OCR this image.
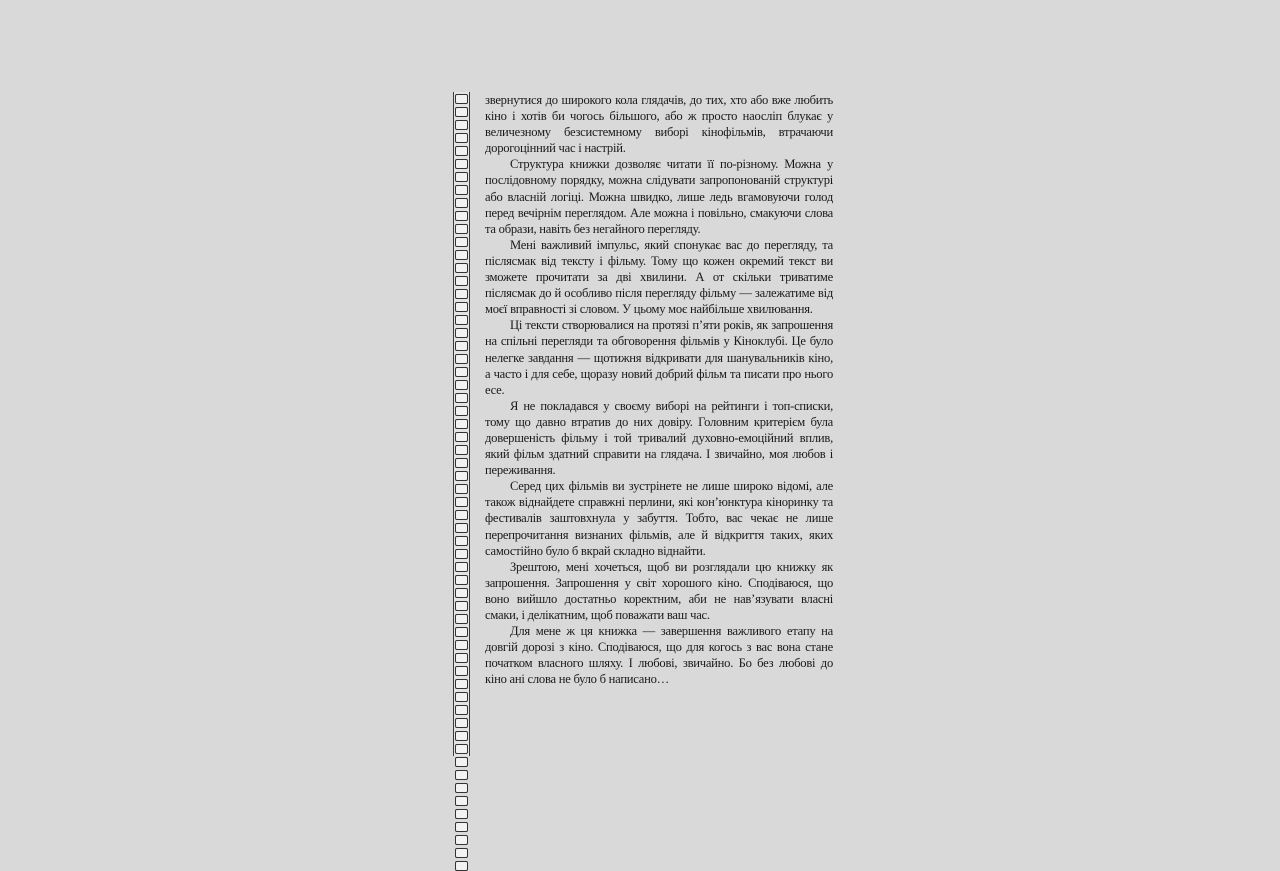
звернутися до широкого кола глядачів, до тих, хто або вже любить кіно і хотів би чогось більшого, або ж просто наосліп блукає у величезному безсистемному виборі кінофільмів, втрачаючи дорогоцінний час і настрій.

Структура книжки дозволяє читати її по-різному. Можна у послідовному порядку, можна слідувати запропонованій структурі або власній логіці. Можна швидко, лише ледь вгамовуючи голод перед вечірнім переглядом. Але можна і повільно, смакуючи слова та образи, навіть без негайного перегляду.

Мені важливий імпульс, який спонукає вас до перегляду, та післясмак від тексту і фільму. Тому що кожен окремий текст ви зможете прочитати за дві хвилини. А от скільки триватиме післясмак до й особливо після перегляду фільму — залежатиме від моєї вправності зі словом. У цьому моє найбільше хвилювання.

Ці тексти створювалися на протязі п’яти років, як запрошення на спільні перегляди та обговорення фільмів у Кіноклубі. Це було нелегке завдання — щотижня відкривати для шанувальників кіно, а часто і для себе, щоразу новий добрий фільм та писати про нього есе.

Я не покладався у своєму виборі на рейтинги і топ-списки, тому що давно втратив до них довіру. Головним критерієм була довершеність фільму і той тривалий духовно-емоційний вплив, який фільм здатний справити на глядача. І звичайно, моя любов і переживання.

Серед цих фільмів ви зустрінете не лише широко відомі, але також віднайдете справжні перлини, які кон’юнктура кіноринку та фестивалів заштовхнула у забуття. Тобто, вас чекає не лише перепрочитання визнаних фільмів, але й відкриття таких, яких самостійно було б вкрай складно віднайти.

Зрештою, мені хочеться, щоб ви розглядали цю книжку як запрошення. Запрошення у світ хорошого кіно. Сподіваюся, що воно вийшло достатньо коректним, аби не нав’язувати власні смаки, і делікатним, щоб поважати ваш час.

Для мене ж ця книжка — завершення важливого етапу на довгій дорозі з кіно. Сподіваюся, що для когось з вас вона стане початком власного шляху. І любові, звичайно. Бо без любові до кіно ані слова не було б написано…
